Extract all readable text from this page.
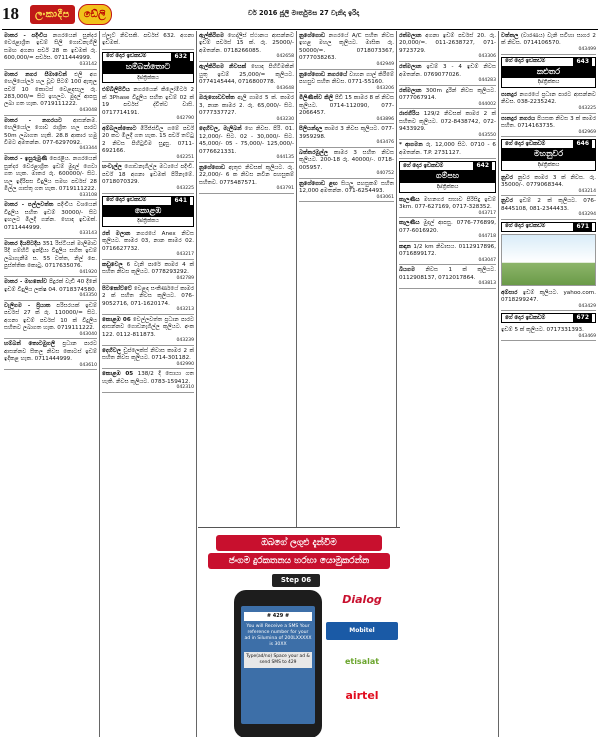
18	ලංකාදීප	ඩේලි	වර් 2016 ජූලි මාර්තුමස 27 වැනිදා ඉරිදා
මාතර - පදිංචිය නගරයෙන් සුන්දර වෙරළාශ්‍රිත ඉඩම් සිලි ගොඩනැගිලි සමඟ අගනා පර්ච් 28 ක ඉඩමක් රු. 600,000/= පර්චස. 0711444999.
033142
මාතර නගර සීමාවෙන් එලි අග හෙලියෝලර් හල වූව පිටම් 100 ඇතුල පර්ච් 10 කොටස් වෙළඳසැල රු. 283,000/= සිට ඉහලට. මුදල් ආපසු ලබා ගත හැක. 0719111222.
043048
මාතර - නගරයට ආසන්නම. හෙලියෝල ගොව රාශ්‍රිත හල පාරට 50m ලබාගත හැකි. 28.8 ආකාර හමු වීමට අමතන්න. 077-6297092.
043344
මාතර - ඉසුරුමුණි පෙරළිය. නගරයෙන් සුන්දර වෙරළාශ්‍රිත ඉඩම් මුදල් ගෙවා ගත හැක. මාතර රු. 600000/- සිට. හල ඉදිරිපස විදුලිය සමඟ පර්චස් 28 මිල්ල ගාස්තු ගත හැක. 0719111222.
033108
මාතර - පල්ලවත්ත පදිංචිය වශයෙන් විදුලිය සහිත ඉඩම් 30000/- සිට ඉහලට මිලදී ගන්න. හොඳ ඉඩමක්. 0711444999.
033143
මාතර දියපිටදිය 351 රිස්ටියන් මාලිමාව රිදී ගම්හිටි ඉන්ද්‍රියා විදුලිය සහිත ඉඩම් ලබාගැනීම ස. 55 වත්ත, නිල් පෙ. පුස්ත්තික කොටු. 0717635076.
041920
මාතර - මහනෝව පිදුරක් වැඩි 40 දිනේ ඉඩම් විදුලිය ලක්ෂ 04. 0718374580.
043350
වැලිගම - ප්‍රියාත පරිසරයක් ඉඩම් පර්චස් 27 ක් රු. 110000/= සිට. අගනා ඉඩම් පර්චස් 10 ක් විදුලිය සහිතව ලබාගත හැක. 0719111222.
043040
හම්බන් තොටමුගලි ප්‍රධාන පාරට ආසන්නව සීතල නිවස කොටස් ඉඩම් ඉදිකළ හැක. 0711444999.
043610
ෆ්ලැට් නිවසකි. පර්චස් 632. අගනා ඉඩමක්.
ගේ දොර ඉඩකඩම්	632
හම්බන්තොට
දිස්ත්‍රික්කය
එම්බිලිපිටිය නගරයෙන් කිලෝමීටර් 2 ක් 3Phase විදුලිය සහිත ඉඩම් 02 ක් 19 පර්චස් ද්විත්ව වාසි. 0717714191.
042790
අම්බලන්තොට මිරිජ්ජවිල ගමේ පර්ච් 20 කට මිලදී ගත හැක. 15 පර්ච් තට්ටු 2 නිවස පිහිටුවීම සුදුසු. 0711-692166.
042251
හංවැල්ල ගොඩනැගිල්ල මධ්‍යයේ පදිංචි. පර්ච් 18 අගනා ඉඩමක් පිරිනැමේ. 0718070329.
043225
ගේ දොර ඉඩකඩම්	641
කොළඹ
දිස්ත්‍රික්කය
රත් මලාන නගරයේ Anex නිවස කුලියට. කාමර 03, නාන කාමර 02. 0716627732.
043217
කඩුවෙල 6 වැනි පාරේ කාමර 4 ක් සහිත නිවස කුලියට. 0778293292.
042789
පිටකෝට්ටේ වෙළඳ සංකීර්ණයේ කාමර 2 ක් සහිත නිවස කුලියට. 076-9052716, 071-1620174.
043213
කොළඹ 06 වෙල්ලවත්ත ප්‍රධාන පාරට ආසන්නව ගොඩනැගිල්ල කුලියට. අංක 122. 0112-811873.
043239
දෙහිවල ඩුප්ලෙක්ස් නිවාස කාමර 2 ක් සහිත නිවස කුලියට. 0714-301182.
042990
කොළඹ 05 138/2 දී සොයා ගත හැකි. නිවස කුලියට. 0783-159412.
042310
ඇල්කිරිගම හෙද්ලිස් ස්ථානය ආසන්නව ඉඩම් පර්චස් 15 ක්. රු. 25000/- අමතන්න. 0718266085.
042658
ඇල්කිරිගම නිවසක් හොඳ පිහිටීමකින් යුතු ඉඩම් 25,000/= කුලියට. 0774145444, 0716800778.
043648
ඔරුගොඩවත්ත ඇලි ගාමර 5 ක්. කාමර 3, නාන කාමර 2. රු. 65,000/- සිට. 0777337727.
043230
දෙහිවල, මැලිබන් හෙ නිවස. පිරි. 01. 12,000/- සිට. 02 - 30,000/- සිට. 45,000/- 05 - 75,000/- 125,000/- 0776621331.
044135
නුගේගොඩ ඇතුළු නිවසක් කුලියට. රු. 22,000/- 6 ක නිවස නවීන පහසුකම් සහිතව. 0775487571.
043791
නුගේගොඩ නගරයේ A/C සහිත නිවස ඉහළ මහල කුලියට. මාසික රු. 50000/=. 0718073367, 0777038263.
042949
නුගේගොඩ නගරයේ වාහන ගාල් කිරීමේ පහසුව සහිත නිවස. 0771-55160.
043206
මිලිණිත්ව කිලි පිඩී 15 කාමර 8 ක් නිවස කුලියට. 0714-112090, 077-2066457.
043896
පිලියන්දල කාමර 3 නිවස කුලියට. 077-3959298.
043476
බත්තරමුල්ල කාමර 3 සහිත නිවස කුලියට. 200-18 රු. 40000/-. 0718-005957.
040752
නුගේගොඩ ළඟ සියලු පහසුකම් සහිත 12,000 අමතන්න. 071-6254493.
043061
රත්මලාන අගනා ඉඩම් පර්චස් 20. රු. 20,000/=. 011-2638727, 071-9723729.
043306
රත්මලාන ඉඩම් 3 - 4 ඉඩම් නිවස අමතන්න. 0769077026.
044283
රත්මලාන 300m දුරින් නිවස කුලියට. 0777067914.
044002
රාජගිරිය 129/2 නිවසක් කාමර 2 ක් සහිතව කුලියට. 072-8438742, 072-9433929.
043550
* ආගමන රු. 12,000 සිට. 0710 - 6 අමතන්න. T.P. 2731127.
ගේ දොර ඉඩකඩම්	642
ගම්පහ
දිස්ත්‍රික්කය
කැලණිය මහනගර සභාව පිරිසිදු ඉඩම් 3km. 077-627169, 0717-328352.
043717
කැලණිය මුදල් ආපසු. 0776-776899, 077-6016920.
044718
කඳාන 1/2 km නිවාසය. 0112917896, 0716899172.
043047
බියගම නිවස 1 ක් කුලියට. 0112908137, 0712017864.
043813
වත්තල (වාරණය) වැනි සවිහා සාගර 2 ක් නිවස. 0714106570.
043499
ගේ දොර ඉඩකඩම්	643
කළුතර
දිස්ත්‍රික්කය
පානදුර නගරයේ ප්‍රධාන පාරට ආසන්නව නිවස. 038-2235242.
043225
පානදුර නගරය පියසක නිවස 3 ක් කාමර සහිත. 0714163735.
042969
ගේ දොර ඉඩකඩම්	646
මහනුවර
දිස්ත්‍රික්කය
නුවර නුවර කාමර 3 ක් නිවස. රු. 35000/-. 0779068344.
043214
නුවර ඉඩම් 2 ක් කුලියට. 076-8445108, 081-2344433.
043294
ගේ දොර ඉඩකඩම්	671
අම්පාර ඉඩම් කුලියට. yahoo.com. 0718299247.
043429
ගේ දොර ඉඩකඩම්	672
ඉඩම් 5 ක් කුලියට. 0717331393.
043469
ඔබගේ ලගුළු දැන්වීම
ජංගම දුරකතනය හරහා යොමුකරන්න
Step 06
# 429 #
You will Receive a SMS Your reference number for your ad in Silumina of 200LXXXXX is 30XX
Type(ad/no) Space your ad & send SMS to 429
Dialog
Mobitel
etisalat
airtel
